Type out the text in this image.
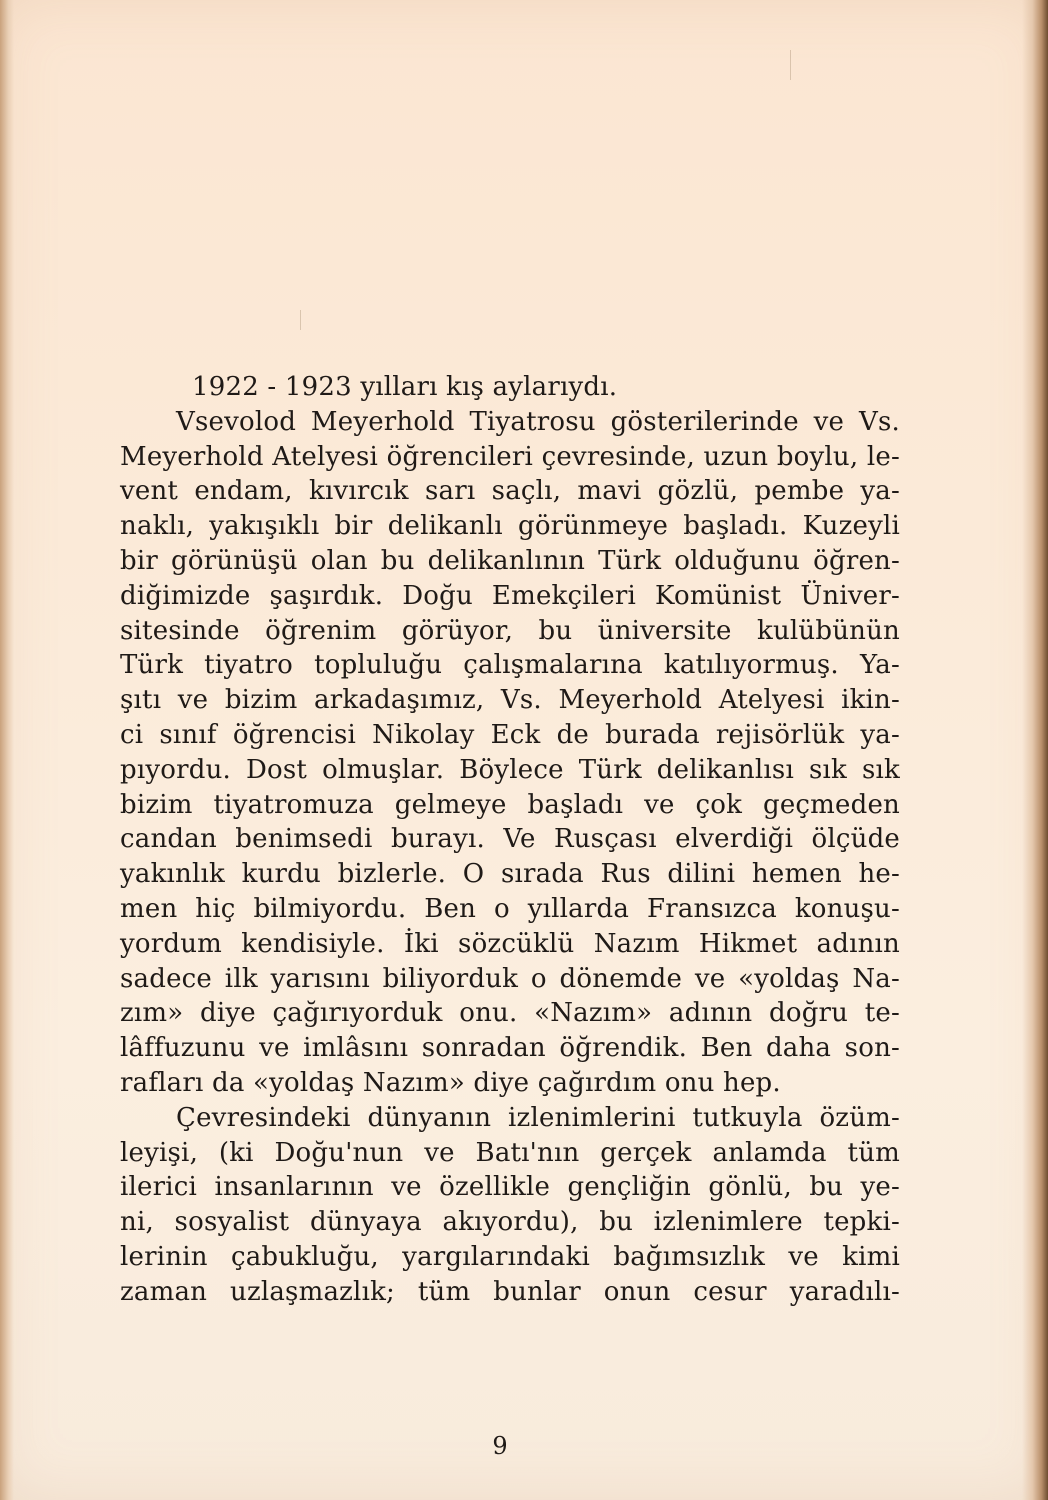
1922 - 1923 yılları kış aylarıydı.
Vsevolod Meyerhold Tiyatrosu gösterilerinde ve Vs.
Meyerhold Atelyesi öğrencileri çevresinde, uzun boylu, le-
vent endam, kıvırcık sarı saçlı, mavi gözlü, pembe ya-
naklı, yakışıklı bir delikanlı görünmeye başladı. Kuzeyli
bir görünüşü olan bu delikanlının Türk olduğunu öğren-
diğimizde şaşırdık. Doğu Emekçileri Komünist Üniver-
sitesinde öğrenim görüyor, bu üniversite kulübünün
Türk tiyatro topluluğu çalışmalarına katılıyormuş. Ya-
şıtı ve bizim arkadaşımız, Vs. Meyerhold Atelyesi ikin-
ci sınıf öğrencisi Nikolay Eck de burada rejisörlük ya-
pıyordu. Dost olmuşlar. Böylece Türk delikanlısı sık sık
bizim tiyatromuza gelmeye başladı ve çok geçmeden
candan benimsedi burayı. Ve Rusçası elverdiği ölçüde
yakınlık kurdu bizlerle. O sırada Rus dilini hemen he-
men hiç bilmiyordu. Ben o yıllarda Fransızca konuşu-
yordum kendisiyle. İki sözcüklü Nazım Hikmet adının
sadece ilk yarısını biliyorduk o dönemde ve «yoldaş Na-
zım» diye çağırıyorduk onu. «Nazım» adının doğru te-
lâffuzunu ve imlâsını sonradan öğrendik. Ben daha son-
rafları da «yoldaş Nazım» diye çağırdım onu hep.
Çevresindeki dünyanın izlenimlerini tutkuyla özüm-
leyişi, (ki Doğu'nun ve Batı'nın gerçek anlamda tüm
ilerici insanlarının ve özellikle gençliğin gönlü, bu ye-
ni, sosyalist dünyaya akıyordu), bu izlenimlere tepki-
lerinin çabukluğu, yargılarındaki bağımsızlık ve kimi
zaman uzlaşmazlık; tüm bunlar onun cesur yaradılı-
9
